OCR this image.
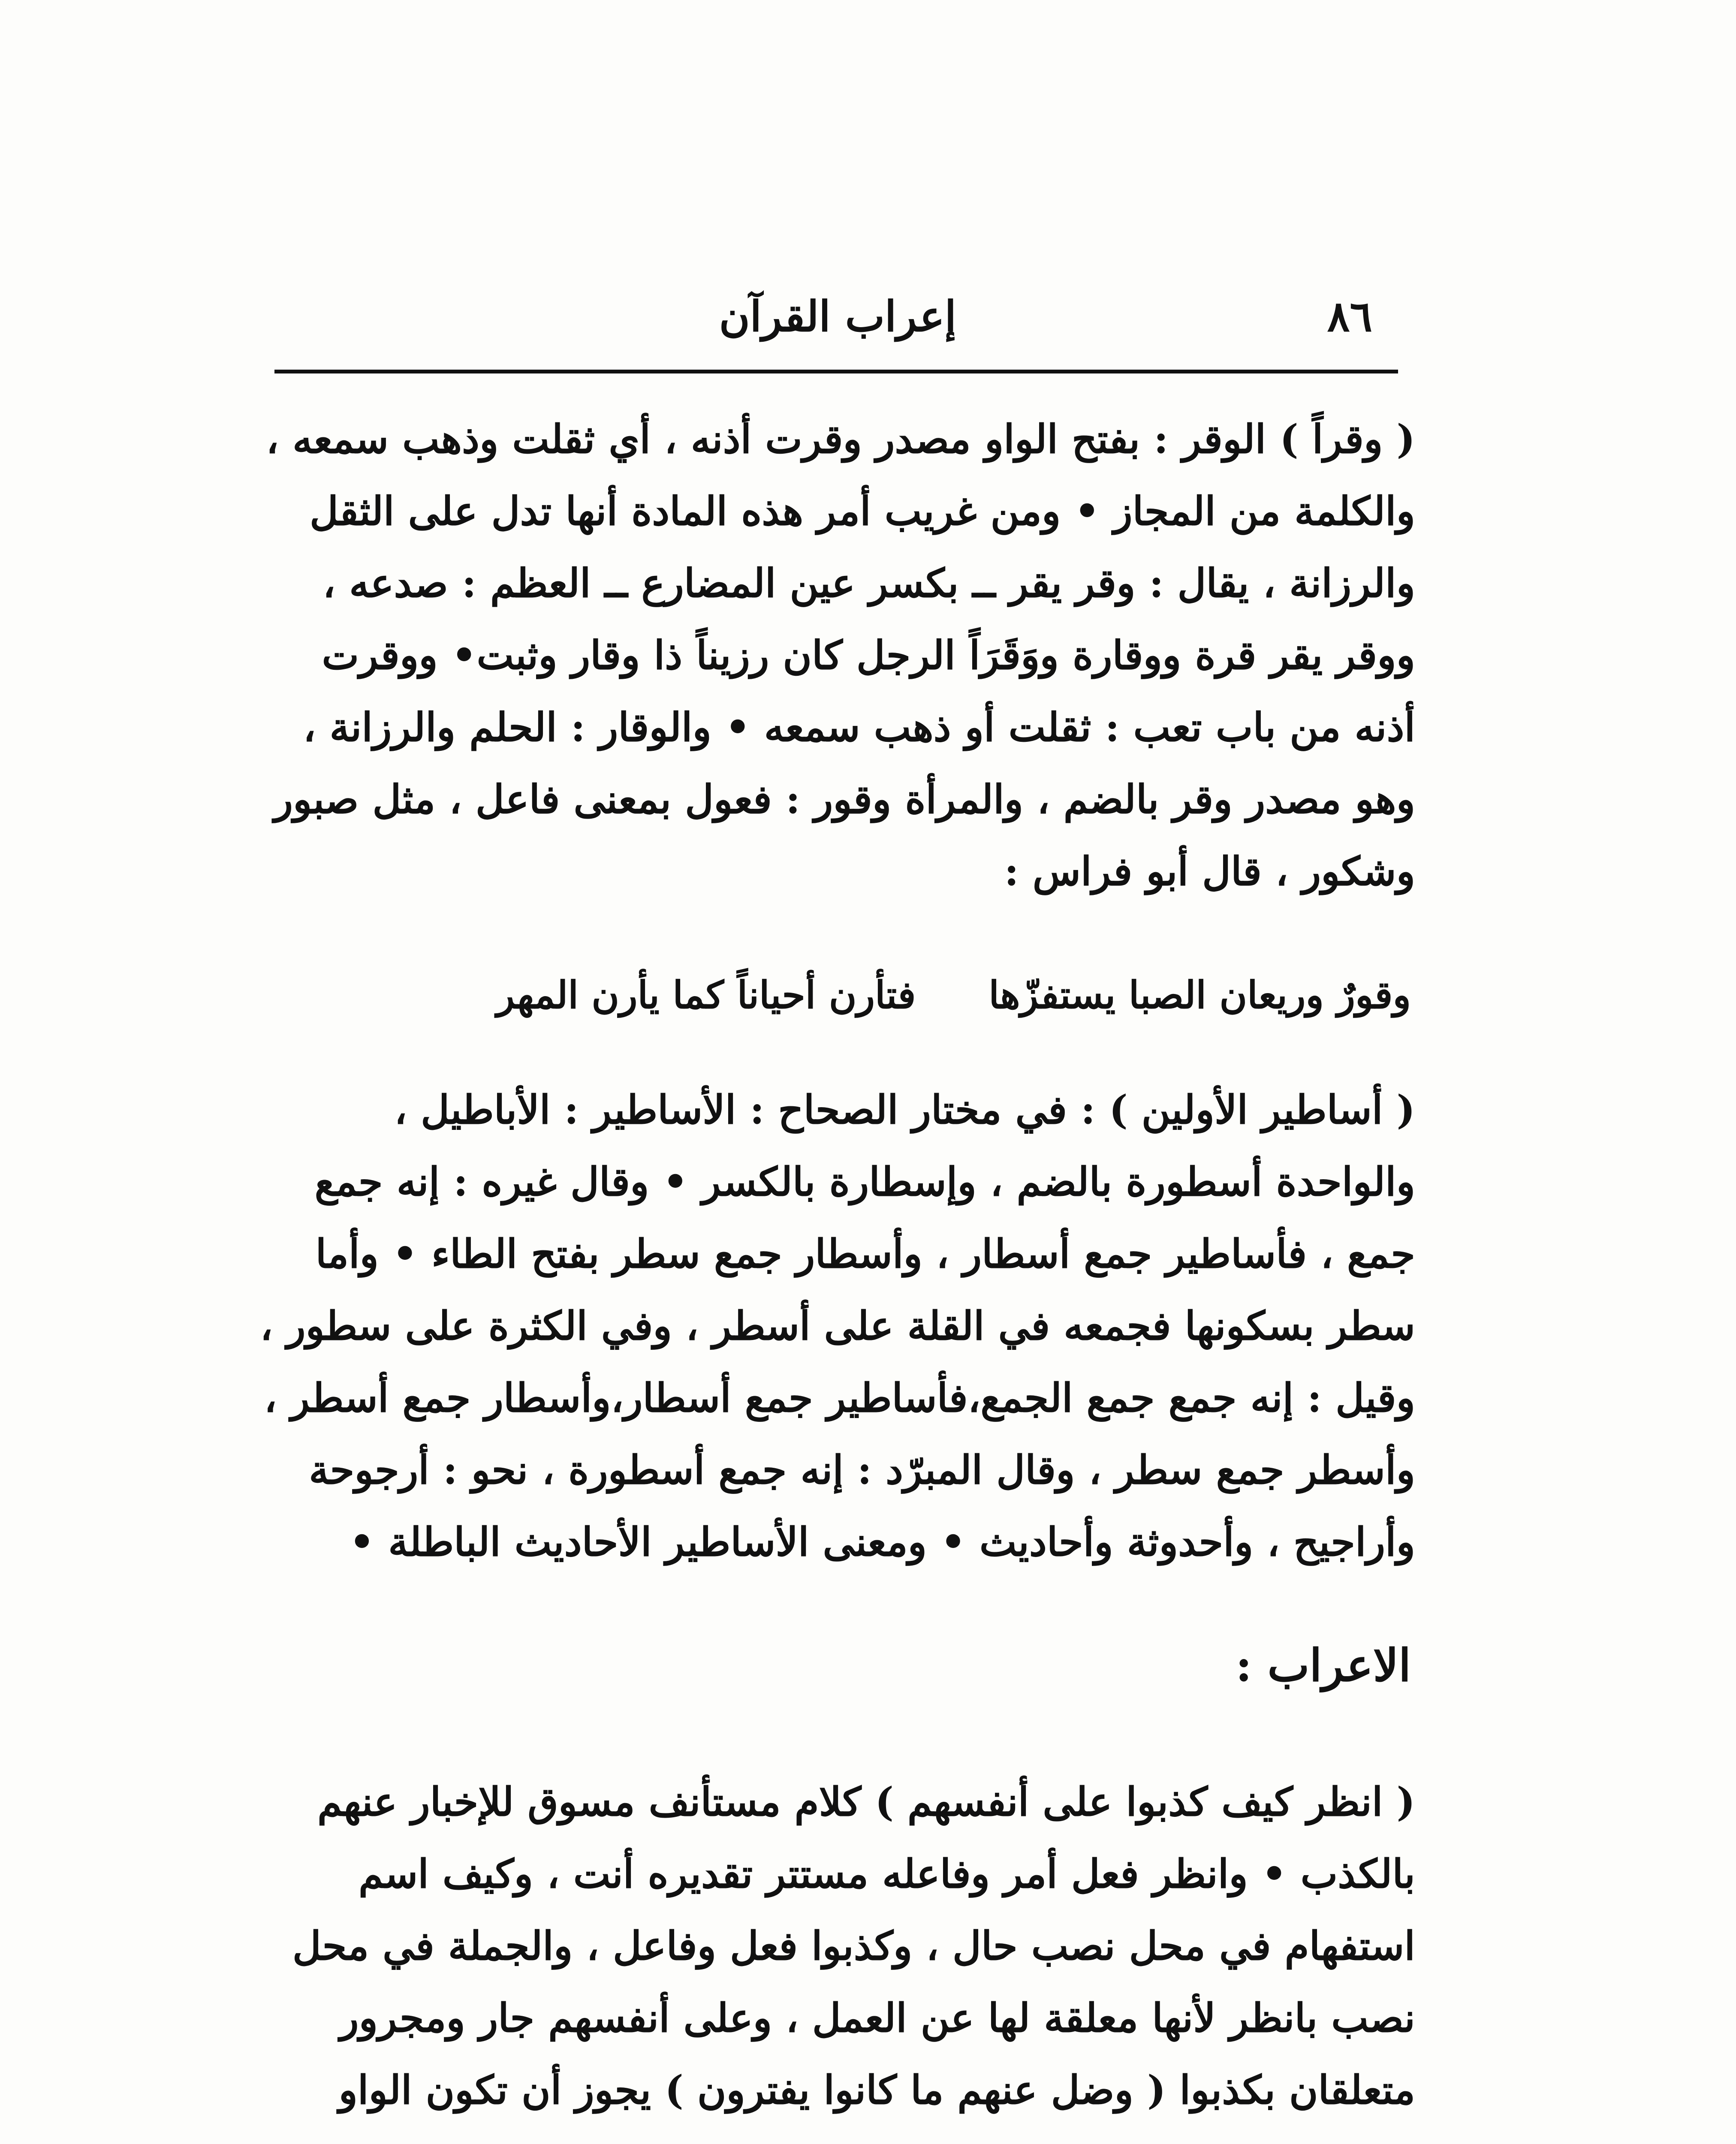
إعراب القرآن	٨٦

( وقراً ) الوقر : بفتح الواو مصدر وقرت أذنه ، أي ثقلت وذهب سمعه ، والكلمة من المجاز • ومن غريب أمر هذه المادة أنها تدل على الثقل والرزانة ، يقال : وقر يقر ــ بكسر عين المضارع ــ العظم : صدعه ، ووقر يقر قرة ووقارة ووَقَرَاً الرجل كان رزيناً ذا وقار وثبت• ووقرت أذنه من باب تعب : ثقلت أو ذهب سمعه • والوقار : الحلم والرزانة ، وهو مصدر وقر بالضم ، والمرأة وقور : فعول بمعنى فاعل ، مثل صبور وشكور ، قال أبو فراس :

وقورٌ وريعان الصبا يستفزّها
فتأرن أحياناً كما يأرن المهر

( أساطير الأولين ) : في مختار الصحاح : الأساطير : الأباطيل ، والواحدة أسطورة بالضم ، وإسطارة بالكسر • وقال غيره : إنه جمع جمع ، فأساطير جمع أسطار ، وأسطار جمع سطر بفتح الطاء • وأما سطر بسكونها فجمعه في القلة على أسطر ، وفي الكثرة على سطور ، وقيل : إنه جمع جمع الجمع،فأساطير جمع أسطار،وأسطار جمع أسطر ، وأسطر جمع سطر ، وقال المبرّد : إنه جمع أسطورة ، نحو : أرجوحة وأراجيح ، وأحدوثة وأحاديث • ومعنى الأساطير الأحاديث الباطلة •

الاعراب :

( انظر كيف كذبوا على أنفسهم ) كلام مستأنف مسوق للإخبار عنهم بالكذب • وانظر فعل أمر وفاعله مستتر تقديره أنت ، وكيف اسم استفهام في محل نصب حال ، وكذبوا فعل وفاعل ، والجملة في محل نصب بانظر لأنها معلقة لها عن العمل ، وعلى أنفسهم جار ومجرور متعلقان بكذبوا ( وضل عنهم ما كانوا يفترون ) يجوز أن تكون الواو
